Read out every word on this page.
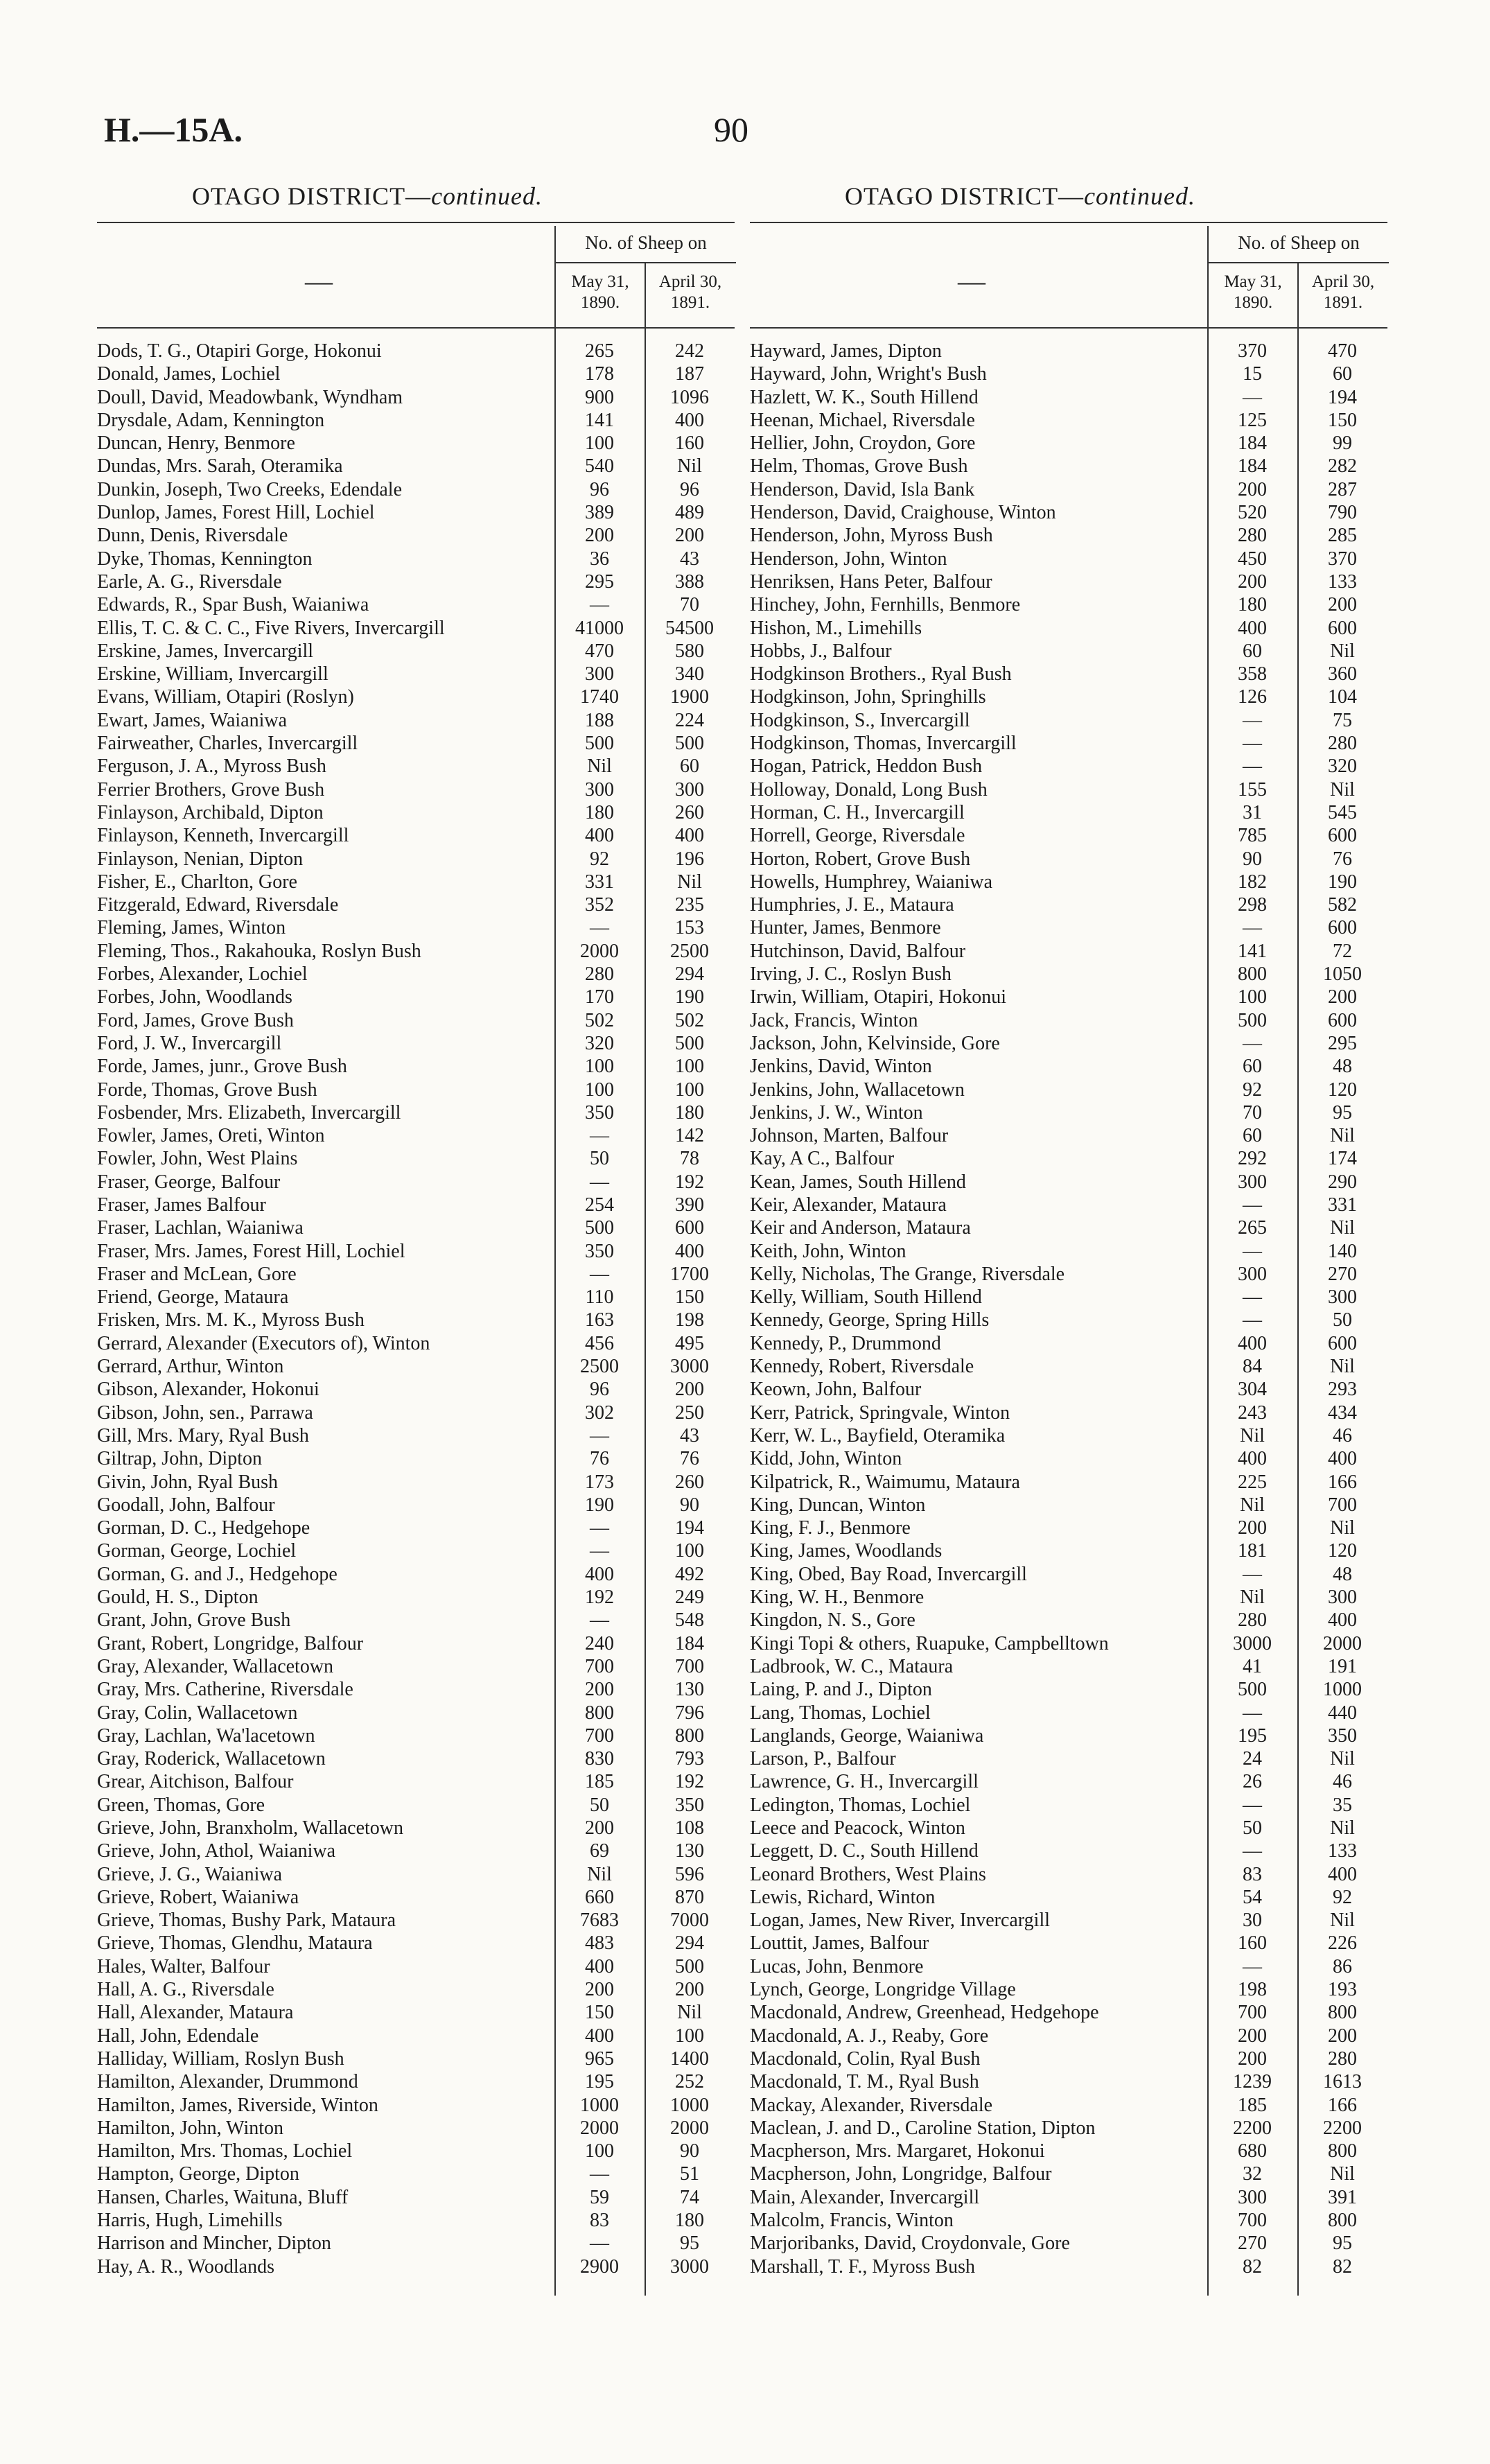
H.—15A.	90
OTAGO DISTRICT—continued.
—
No. of Sheep on
May 31,
1890.
April 30,
1891.
Dods, T. G., Otapiri Gorge, Hokonui	265	242
Donald, James, Lochiel	178	187
Doull, David, Meadowbank, Wyndham	900	1096
Drysdale, Adam, Kennington	141	400
Duncan, Henry, Benmore	100	160
Dundas, Mrs. Sarah, Oteramika	540	Nil
Dunkin, Joseph, Two Creeks, Edendale	96	96
Dunlop, James, Forest Hill, Lochiel	389	489
Dunn, Denis, Riversdale	200	200
Dyke, Thomas, Kennington	36	43
Earle, A. G., Riversdale	295	388
Edwards, R., Spar Bush, Waianiwa	—	70
Ellis, T. C. & C. C., Five Rivers, Invercargill	41000	54500
Erskine, James, Invercargill	470	580
Erskine, William, Invercargill	300	340
Evans, William, Otapiri (Roslyn)	1740	1900
Ewart, James, Waianiwa	188	224
Fairweather, Charles, Invercargill	500	500
Ferguson, J. A., Myross Bush	Nil	60
Ferrier Brothers, Grove Bush	300	300
Finlayson, Archibald, Dipton	180	260
Finlayson, Kenneth, Invercargill	400	400
Finlayson, Nenian, Dipton	92	196
Fisher, E., Charlton, Gore	331	Nil
Fitzgerald, Edward, Riversdale	352	235
Fleming, James, Winton	—	153
Fleming, Thos., Rakahouka, Roslyn Bush	2000	2500
Forbes, Alexander, Lochiel	280	294
Forbes, John, Woodlands	170	190
Ford, James, Grove Bush	502	502
Ford, J. W., Invercargill	320	500
Forde, James, junr., Grove Bush	100	100
Forde, Thomas, Grove Bush	100	100
Fosbender, Mrs. Elizabeth, Invercargill	350	180
Fowler, James, Oreti, Winton	—	142
Fowler, John, West Plains	50	78
Fraser, George, Balfour	—	192
Fraser, James Balfour	254	390
Fraser, Lachlan, Waianiwa	500	600
Fraser, Mrs. James, Forest Hill, Lochiel	350	400
Fraser and McLean, Gore	—	1700
Friend, George, Mataura	110	150
Frisken, Mrs. M. K., Myross Bush	163	198
Gerrard, Alexander (Executors of), Winton	456	495
Gerrard, Arthur, Winton	2500	3000
Gibson, Alexander, Hokonui	96	200
Gibson, John, sen., Parrawa	302	250
Gill, Mrs. Mary, Ryal Bush	—	43
Giltrap, John, Dipton	76	76
Givin, John, Ryal Bush	173	260
Goodall, John, Balfour	190	90
Gorman, D. C., Hedgehope	—	194
Gorman, George, Lochiel	—	100
Gorman, G. and J., Hedgehope	400	492
Gould, H. S., Dipton	192	249
Grant, John, Grove Bush	—	548
Grant, Robert, Longridge, Balfour	240	184
Gray, Alexander, Wallacetown	700	700
Gray, Mrs. Catherine, Riversdale	200	130
Gray, Colin, Wallacetown	800	796
Gray, Lachlan, Wa'lacetown	700	800
Gray, Roderick, Wallacetown	830	793
Grear, Aitchison, Balfour	185	192
Green, Thomas, Gore	50	350
Grieve, John, Branxholm, Wallacetown	200	108
Grieve, John, Athol, Waianiwa	69	130
Grieve, J. G., Waianiwa	Nil	596
Grieve, Robert, Waianiwa	660	870
Grieve, Thomas, Bushy Park, Mataura	7683	7000
Grieve, Thomas, Glendhu, Mataura	483	294
Hales, Walter, Balfour	400	500
Hall, A. G., Riversdale	200	200
Hall, Alexander, Mataura	150	Nil
Hall, John, Edendale	400	100
Halliday, William, Roslyn Bush	965	1400
Hamilton, Alexander, Drummond	195	252
Hamilton, James, Riverside, Winton	1000	1000
Hamilton, John, Winton	2000	2000
Hamilton, Mrs. Thomas, Lochiel	100	90
Hampton, George, Dipton	—	51
Hansen, Charles, Waituna, Bluff	59	74
Harris, Hugh, Limehills	83	180
Harrison and Mincher, Dipton	—	95
Hay, A. R., Woodlands	2900	3000
OTAGO DISTRICT—continued.
—
No. of Sheep on
May 31,
1890.
April 30,
1891.
Hayward, James, Dipton	370	470
Hayward, John, Wright's Bush	15	60
Hazlett, W. K., South Hillend	—	194
Heenan, Michael, Riversdale	125	150
Hellier, John, Croydon, Gore	184	99
Helm, Thomas, Grove Bush	184	282
Henderson, David, Isla Bank	200	287
Henderson, David, Craighouse, Winton	520	790
Henderson, John, Myross Bush	280	285
Henderson, John, Winton	450	370
Henriksen, Hans Peter, Balfour	200	133
Hinchey, John, Fernhills, Benmore	180	200
Hishon, M., Limehills	400	600
Hobbs, J., Balfour	60	Nil
Hodgkinson Brothers., Ryal Bush	358	360
Hodgkinson, John, Springhills	126	104
Hodgkinson, S., Invercargill	—	75
Hodgkinson, Thomas, Invercargill	—	280
Hogan, Patrick, Heddon Bush	—	320
Holloway, Donald, Long Bush	155	Nil
Horman, C. H., Invercargill	31	545
Horrell, George, Riversdale	785	600
Horton, Robert, Grove Bush	90	76
Howells, Humphrey, Waianiwa	182	190
Humphries, J. E., Mataura	298	582
Hunter, James, Benmore	—	600
Hutchinson, David, Balfour	141	72
Irving, J. C., Roslyn Bush	800	1050
Irwin, William, Otapiri, Hokonui	100	200
Jack, Francis, Winton	500	600
Jackson, John, Kelvinside, Gore	—	295
Jenkins, David, Winton	60	48
Jenkins, John, Wallacetown	92	120
Jenkins, J. W., Winton	70	95
Johnson, Marten, Balfour	60	Nil
Kay, A C., Balfour	292	174
Kean, James, South Hillend	300	290
Keir, Alexander, Mataura	—	331
Keir and Anderson, Mataura	265	Nil
Keith, John, Winton	—	140
Kelly, Nicholas, The Grange, Riversdale	300	270
Kelly, William, South Hillend	—	300
Kennedy, George, Spring Hills	—	50
Kennedy, P., Drummond	400	600
Kennedy, Robert, Riversdale	84	Nil
Keown, John, Balfour	304	293
Kerr, Patrick, Springvale, Winton	243	434
Kerr, W. L., Bayfield, Oteramika	Nil	46
Kidd, John, Winton	400	400
Kilpatrick, R., Waimumu, Mataura	225	166
King, Duncan, Winton	Nil	700
King, F. J., Benmore	200	Nil
King, James, Woodlands	181	120
King, Obed, Bay Road, Invercargill	—	48
King, W. H., Benmore	Nil	300
Kingdon, N. S., Gore	280	400
Kingi Topi & others, Ruapuke, Campbelltown	3000	2000
Ladbrook, W. C., Mataura	41	191
Laing, P. and J., Dipton	500	1000
Lang, Thomas, Lochiel	—	440
Langlands, George, Waianiwa	195	350
Larson, P., Balfour	24	Nil
Lawrence, G. H., Invercargill	26	46
Ledington, Thomas, Lochiel	—	35
Leece and Peacock, Winton	50	Nil
Leggett, D. C., South Hillend	—	133
Leonard Brothers, West Plains	83	400
Lewis, Richard, Winton	54	92
Logan, James, New River, Invercargill	30	Nil
Louttit, James, Balfour	160	226
Lucas, John, Benmore	—	86
Lynch, George, Longridge Village	198	193
Macdonald, Andrew, Greenhead, Hedgehope	700	800
Macdonald, A. J., Reaby, Gore	200	200
Macdonald, Colin, Ryal Bush	200	280
Macdonald, T. M., Ryal Bush	1239	1613
Mackay, Alexander, Riversdale	185	166
Maclean, J. and D., Caroline Station, Dipton	2200	2200
Macpherson, Mrs. Margaret, Hokonui	680	800
Macpherson, John, Longridge, Balfour	32	Nil
Main, Alexander, Invercargill	300	391
Malcolm, Francis, Winton	700	800
Marjoribanks, David, Croydonvale, Gore	270	95
Marshall, T. F., Myross Bush	82	82
